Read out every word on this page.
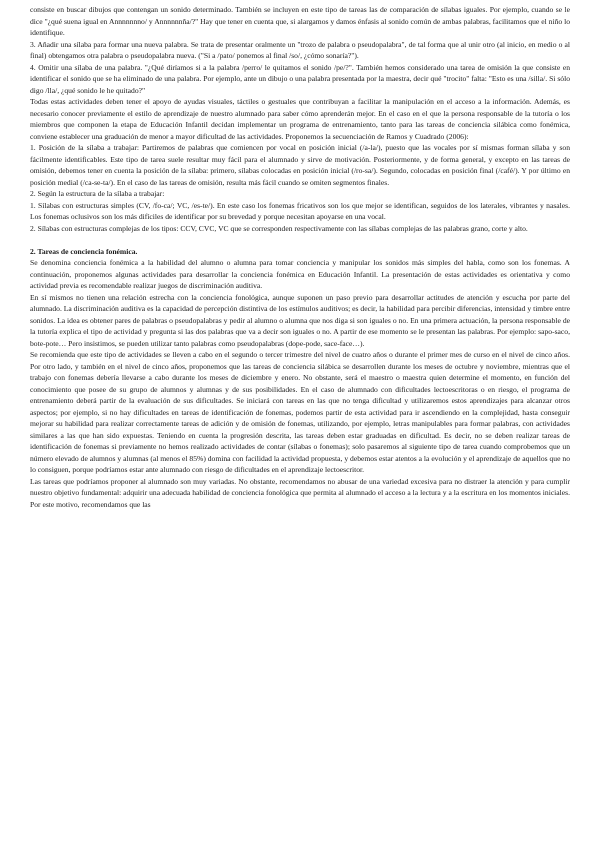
consiste en buscar dibujos que contengan un sonido determinado. También se incluyen en este tipo de tareas las de comparación de sílabas iguales. Por ejemplo, cuando se le dice "¿qué suena igual en Annnnnnno/ y Annnnnnña/?" Hay que tener en cuenta que, si alargamos y damos énfasis al sonido común de ambas palabras, facilitamos que el niño lo identifique.

3. Añadir una sílaba para formar una nueva palabra. Se trata de presentar oralmente un "trozo de palabra o pseudopalabra", de tal forma que al unir otro (al inicio, en medio o al final) obtengamos otra palabra o pseudopalabra nueva. ("Si a /pato/ ponemos al final /so/, ¿cómo sonaría?").

4. Omitir una sílaba de una palabra. "¿Qué diríamos si a la palabra /perro/ le quitamos el sonido /pe/?". También hemos considerado una tarea de omisión la que consiste en identificar el sonido que se ha eliminado de una palabra. Por ejemplo, ante un dibujo o una palabra presentada por la maestra, decir qué "trocito" falta: "Esto es una /silla/. Si sólo digo /lla/, ¿qué sonido le he quitado?"

Todas estas actividades deben tener el apoyo de ayudas visuales, táctiles o gestuales que contribuyan a facilitar la manipulación en el acceso a la información. Además, es necesario conocer previamente el estilo de aprendizaje de nuestro alumnado para saber cómo aprenderán mejor. En el caso en el que la persona responsable de la tutoría o los miembros que componen la etapa de Educación Infantil decidan implementar un programa de entrenamiento, tanto para las tareas de conciencia silábica como fonémica, conviene establecer una graduación de menor a mayor dificultad de las actividades. Proponemos la secuenciación de Ramos y Cuadrado (2006):

1. Posición de la sílaba a trabajar: Partiremos de palabras que comiencen por vocal en posición inicial (/a-la/), puesto que las vocales por sí mismas forman sílaba y son fácilmente identificables. Este tipo de tarea suele resultar muy fácil para el alumnado y sirve de motivación. Posteriormente, y de forma general, y excepto en las tareas de omisión, debemos tener en cuenta la posición de la sílaba: primero, sílabas colocadas en posición inicial (/ro-sa/). Segundo, colocadas en posición final (/café/). Y por último en posición medial (/ca-se-ta/). En el caso de las tareas de omisión, resulta más fácil cuando se omiten segmentos finales.

2. Según la estructura de la sílaba a trabajar:

1. Sílabas con estructuras simples (CV, /fo-ca/; VC, /es-te/). En este caso los fonemas fricativos son los que mejor se identifican, seguidos de los laterales, vibrantes y nasales. Los fonemas oclusivos son los más difíciles de identificar por su brevedad y porque necesitan apoyarse en una vocal.

2. Sílabas con estructuras complejas de los tipos: CCV, CVC, VC que se corresponden respectivamente con las sílabas complejas de las palabras grano, corte y alto.

2. Tareas de conciencia fonémica.

Se denomina conciencia fonémica a la habilidad del alumno o alumna para tomar conciencia y manipular los sonidos más simples del habla, como son los fonemas. A continuación, proponemos algunas actividades para desarrollar la conciencia fonémica en Educación Infantil. La presentación de estas actividades es orientativa y como actividad previa es recomendable realizar juegos de discriminación auditiva.

En sí mismos no tienen una relación estrecha con la conciencia fonológica, aunque suponen un paso previo para desarrollar actitudes de atención y escucha por parte del alumnado. La discriminación auditiva es la capacidad de percepción distintiva de los estímulos auditivos; es decir, la habilidad para percibir diferencias, intensidad y timbre entre sonidos. La idea es obtener pares de palabras o pseudopalabras y pedir al alumno o alumna que nos diga si son iguales o no. En una primera actuación, la persona responsable de la tutoría explica el tipo de actividad y pregunta si las dos palabras que va a decir son iguales o no. A partir de ese momento se le presentan las palabras. Por ejemplo: sapo-saco, bote-pote… Pero insistimos, se pueden utilizar tanto palabras como pseudopalabras (dope-pode, sace-face…).

Se recomienda que este tipo de actividades se lleven a cabo en el segundo o tercer trimestre del nivel de cuatro años o durante el primer mes de curso en el nivel de cinco años. Por otro lado, y también en el nivel de cinco años, proponemos que las tareas de conciencia silábica se desarrollen durante los meses de octubre y noviembre, mientras que el trabajo con fonemas debería llevarse a cabo durante los meses de diciembre y enero. No obstante, será el maestro o maestra quien determine el momento, en función del conocimiento que posee de su grupo de alumnos y alumnas y de sus posibilidades. En el caso de alumnado con dificultades lectoescritoras o en riesgo, el programa de entrenamiento deberá partir de la evaluación de sus dificultades. Se iniciará con tareas en las que no tenga dificultad y utilizaremos estos aprendizajes para alcanzar otros aspectos; por ejemplo, si no hay dificultades en tareas de identificación de fonemas, podemos partir de esta actividad para ir ascendiendo en la complejidad, hasta conseguir mejorar su habilidad para realizar correctamente tareas de adición y de omisión de fonemas, utilizando, por ejemplo, letras manipulables para formar palabras, con actividades similares a las que han sido expuestas. Teniendo en cuenta la progresión descrita, las tareas deben estar graduadas en dificultad. Es decir, no se deben realizar tareas de identificación de fonemas si previamente no hemos realizado actividades de contar (sílabas o fonemas); solo pasaremos al siguiente tipo de tarea cuando comprobemos que un número elevado de alumnos y alumnas (al menos el 85%) domina con facilidad la actividad propuesta, y debemos estar atentos a la evolución y el aprendizaje de aquellos que no lo consiguen, porque podríamos estar ante alumnado con riesgo de dificultades en el aprendizaje lectoescritor.

Las tareas que podríamos proponer al alumnado son muy variadas. No obstante, recomendamos no abusar de una variedad excesiva para no distraer la atención y para cumplir nuestro objetivo fundamental: adquirir una adecuada habilidad de conciencia fonológica que permita al alumnado el acceso a la lectura y a la escritura en los momentos iniciales. Por este motivo, recomendamos que las
